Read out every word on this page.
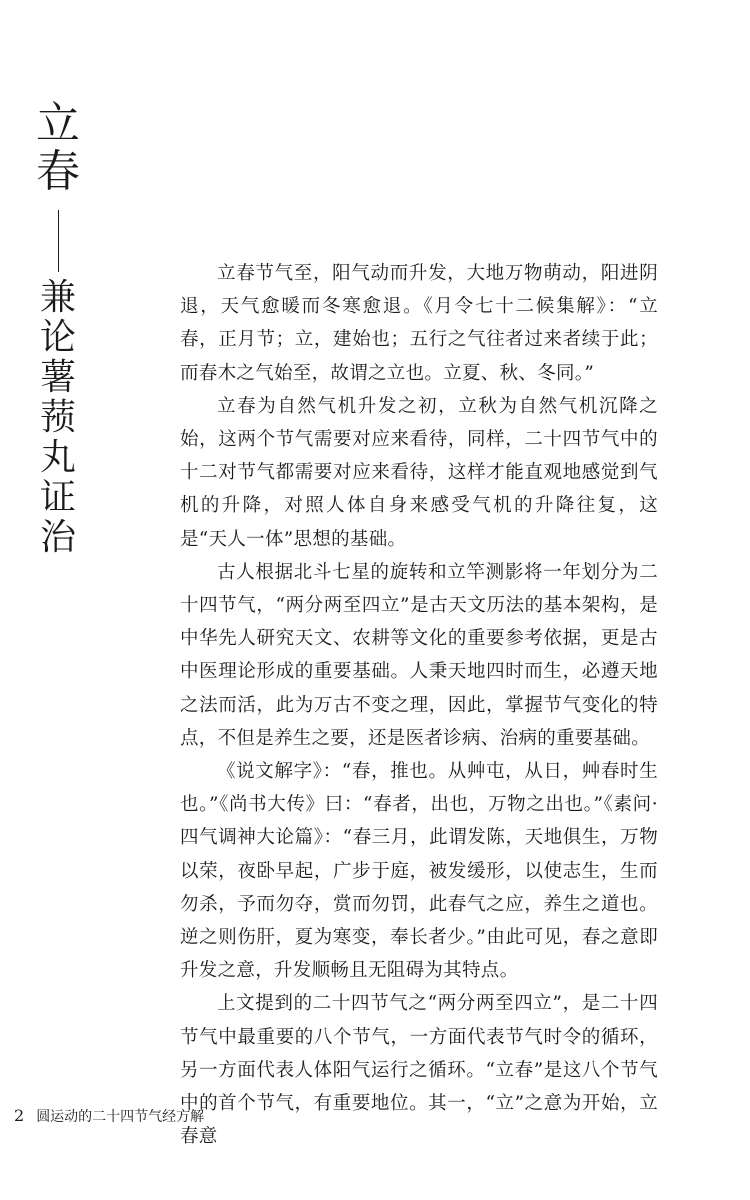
立
春
兼
论
薯
蓣
丸
证
治

立春节气至，阳气动而升发，大地万物萌动，阳进阴退，天气愈暖而冬寒愈退。《月令七十二候集解》：“立春，正月节；立，建始也；五行之气往者过来者续于此；而春木之气始至，故谓之立也。立夏、秋、冬同。”

立春为自然气机升发之初，立秋为自然气机沉降之始，这两个节气需要对应来看待，同样，二十四节气中的十二对节气都需要对应来看待，这样才能直观地感觉到气机的升降，对照人体自身来感受气机的升降往复，这是“天人一体”思想的基础。

古人根据北斗七星的旋转和立竿测影将一年划分为二十四节气，“两分两至四立”是古天文历法的基本架构，是中华先人研究天文、农耕等文化的重要参考依据，更是古中医理论形成的重要基础。人秉天地四时而生，必遵天地之法而活，此为万古不变之理，因此，掌握节气变化的特点，不但是养生之要，还是医者诊病、治病的重要基础。

《说文解字》：“春，推也。从艸屯，从日，艸春时生也。”《尚书大传》曰：“春者，出也，万物之出也。”《素问·四气调神大论篇》：“春三月，此谓发陈，天地俱生，万物以荣，夜卧早起，广步于庭，被发缓形，以使志生，生而勿杀，予而勿夺，赏而勿罚，此春气之应，养生之道也。逆之则伤肝，夏为寒变，奉长者少。”由此可见，春之意即升发之意，升发顺畅且无阻碍为其特点。

上文提到的二十四节气之“两分两至四立”，是二十四节气中最重要的八个节气，一方面代表节气时令的循环，另一方面代表人体阳气运行之循环。“立春”是这八个节气中的首个节气，有重要地位。其一，“立”之意为开始，立春意

2 圆运动的二十四节气经方解
